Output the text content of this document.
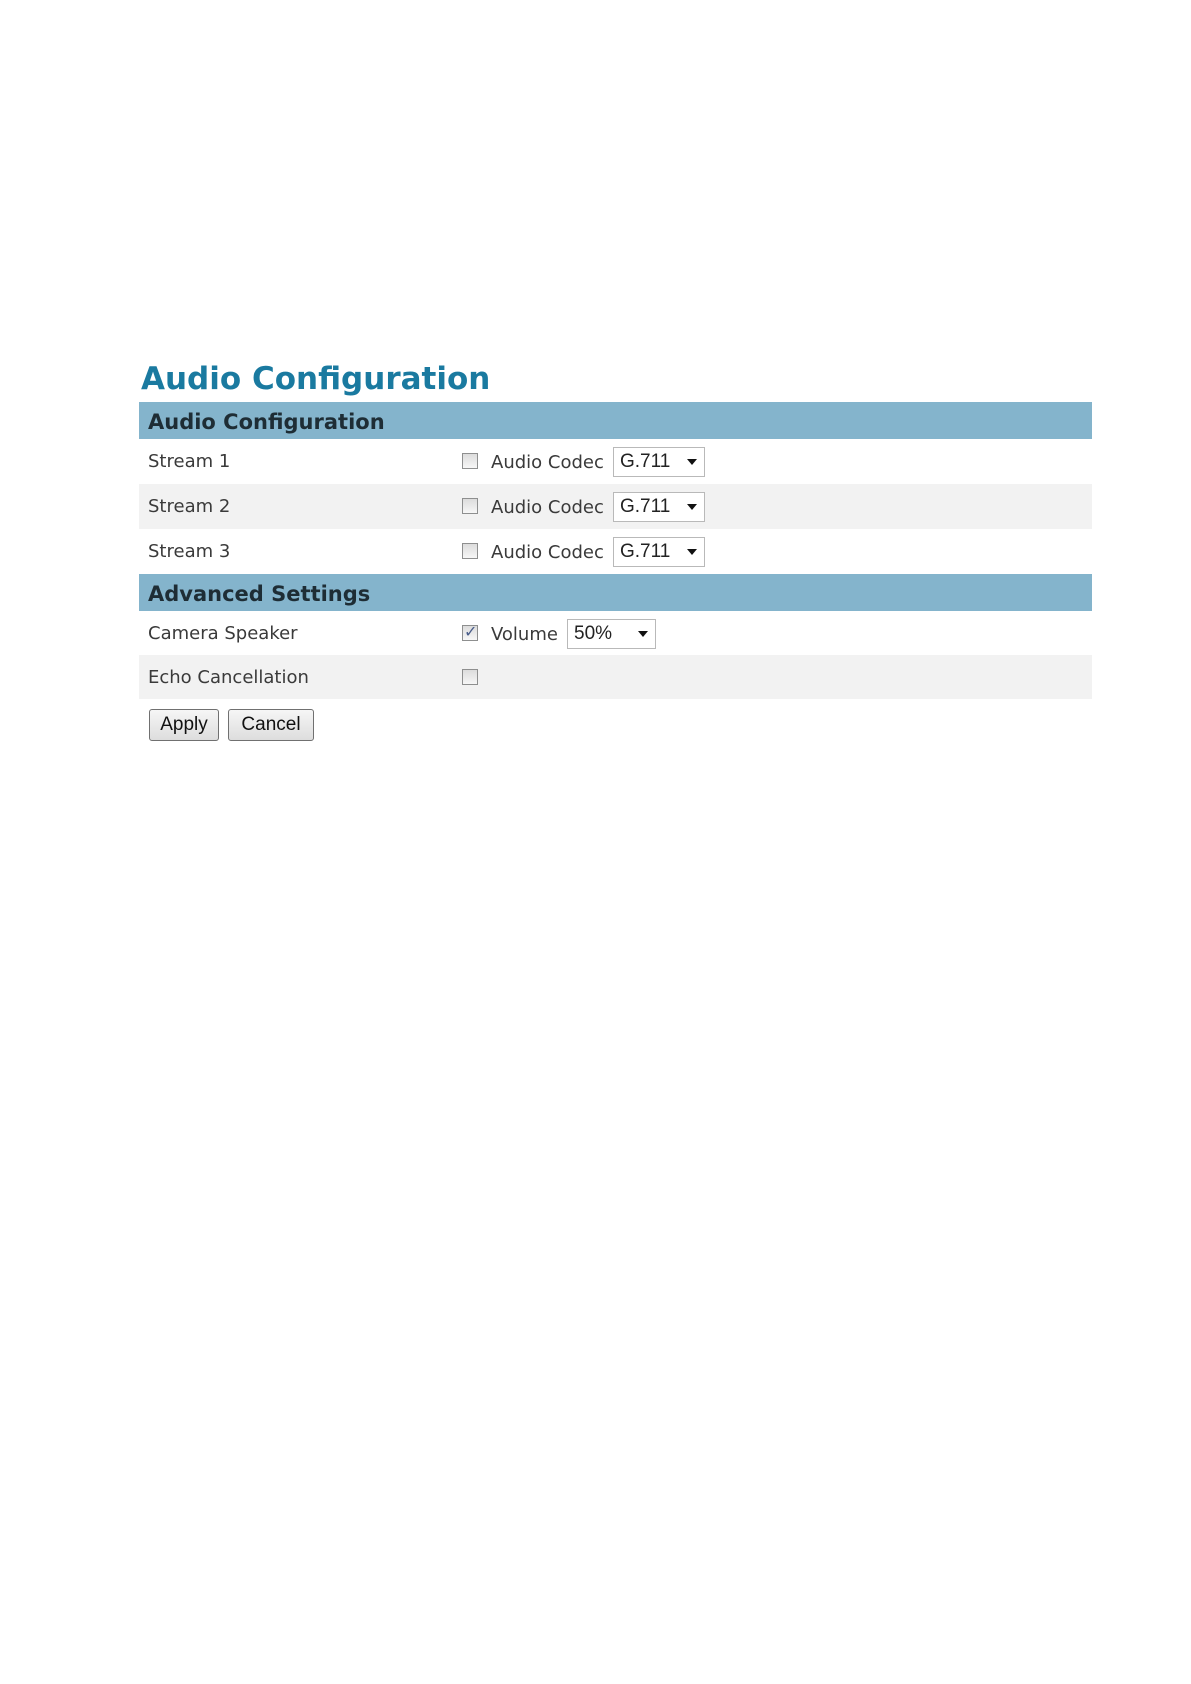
Audio Configuration
Audio Configuration
Stream 1	Audio Codec G.711
Stream 2	Audio Codec G.711
Stream 3	Audio Codec G.711
Advanced Settings
Camera Speaker
✓	Volume 50%
Echo Cancellation
Apply	Cancel
